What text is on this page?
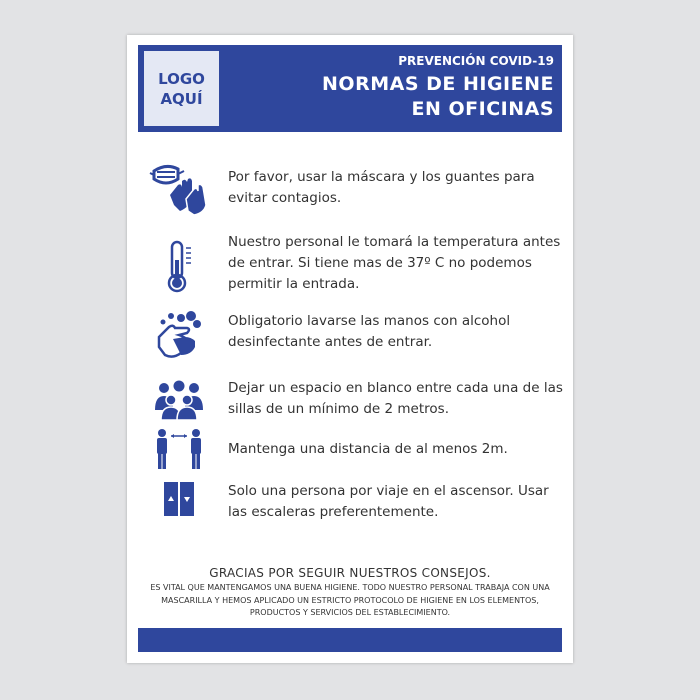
LOGO
AQUÍ
PREVENCIÓN COVID-19
NORMAS DE HIGIENE
EN OFICINAS
Por favor, usar la máscara y los guantes para evitar contagios.
Nuestro personal le tomará la temperatura antes de entrar. Si tiene mas de 37º C no podemos permitir la entrada.
Obligatorio lavarse las manos con alcohol desinfectante antes de entrar.
Dejar un espacio en blanco entre cada una de las sillas de un mínimo de 2 metros.
Mantenga una distancia de al menos 2m.
Solo una persona por viaje en el ascensor. Usar las escaleras preferentemente.
GRACIAS POR SEGUIR NUESTROS CONSEJOS.
ES VITAL QUE MANTENGAMOS UNA BUENA HIGIENE. TODO NUESTRO PERSONAL TRABAJA CON UNA MASCARILLA Y HEMOS APLICADO UN ESTRICTO PROTOCOLO DE HIGIENE EN LOS ELEMENTOS, PRODUCTOS Y SERVICIOS DEL ESTABLECIMIENTO.
